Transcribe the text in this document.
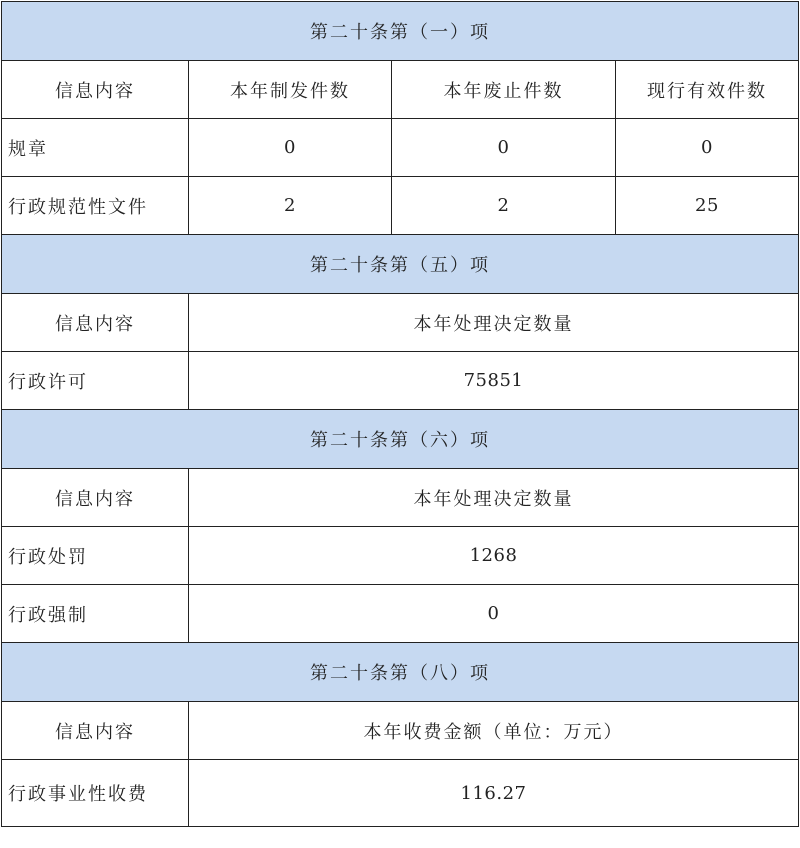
第二十条第（一）项			
信息内容	本年制发件数	本年废止件数	现行有效件数
规章	0	0	0
行政规范性文件	2	2	25
第二十条第（五）项			
信息内容	本年处理决定数量		
行政许可	75851		
第二十条第（六）项			
信息内容	本年处理决定数量		
行政处罚	1268		
行政强制	0		
第二十条第（八）项			
信息内容	本年收费金额（单位：万元）		
行政事业性收费	116.27		
